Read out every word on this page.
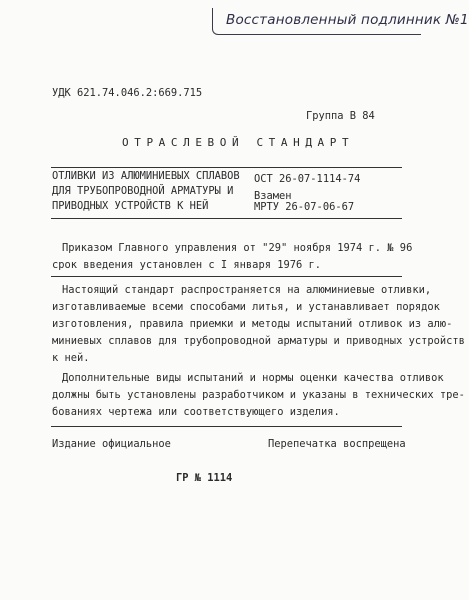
Восстановленный подлинник №1
УДК 621.74.046.2:669.715
Группа В 84
ОТРАСЛЕВОЙ СТАНДАРТ
ОТЛИВКИ ИЗ АЛЮМИНИЕВЫХ СПЛАВОВ
ДЛЯ ТРУБОПРОВОДНОЙ АРМАТУРЫ И
ПРИВОДНЫХ УСТРОЙСТВ К НЕЙ
ОСТ 26-07-1114-74
Взамен
МРТУ 26-07-06-67
Приказом Главного управления от "29" ноября 1974 г. № 96
срок введения установлен с I января 1976 г.
Настоящий стандарт распространяется на алюминиевые отливки,
изготавливаемые всеми способами литья, и устанавливает порядок
изготовления, правила приемки и методы испытаний отливок из алю-
миниевых сплавов для трубопроводной арматуры и приводных устройств
к ней.
Дополнительные виды испытаний и нормы оценки качества отливок
должны быть установлены разработчиком и указаны в технических тре-
бованиях чертежа или соответствующего изделия.
Издание официальное	Перепечатка воспрещена
ГР № 1114
